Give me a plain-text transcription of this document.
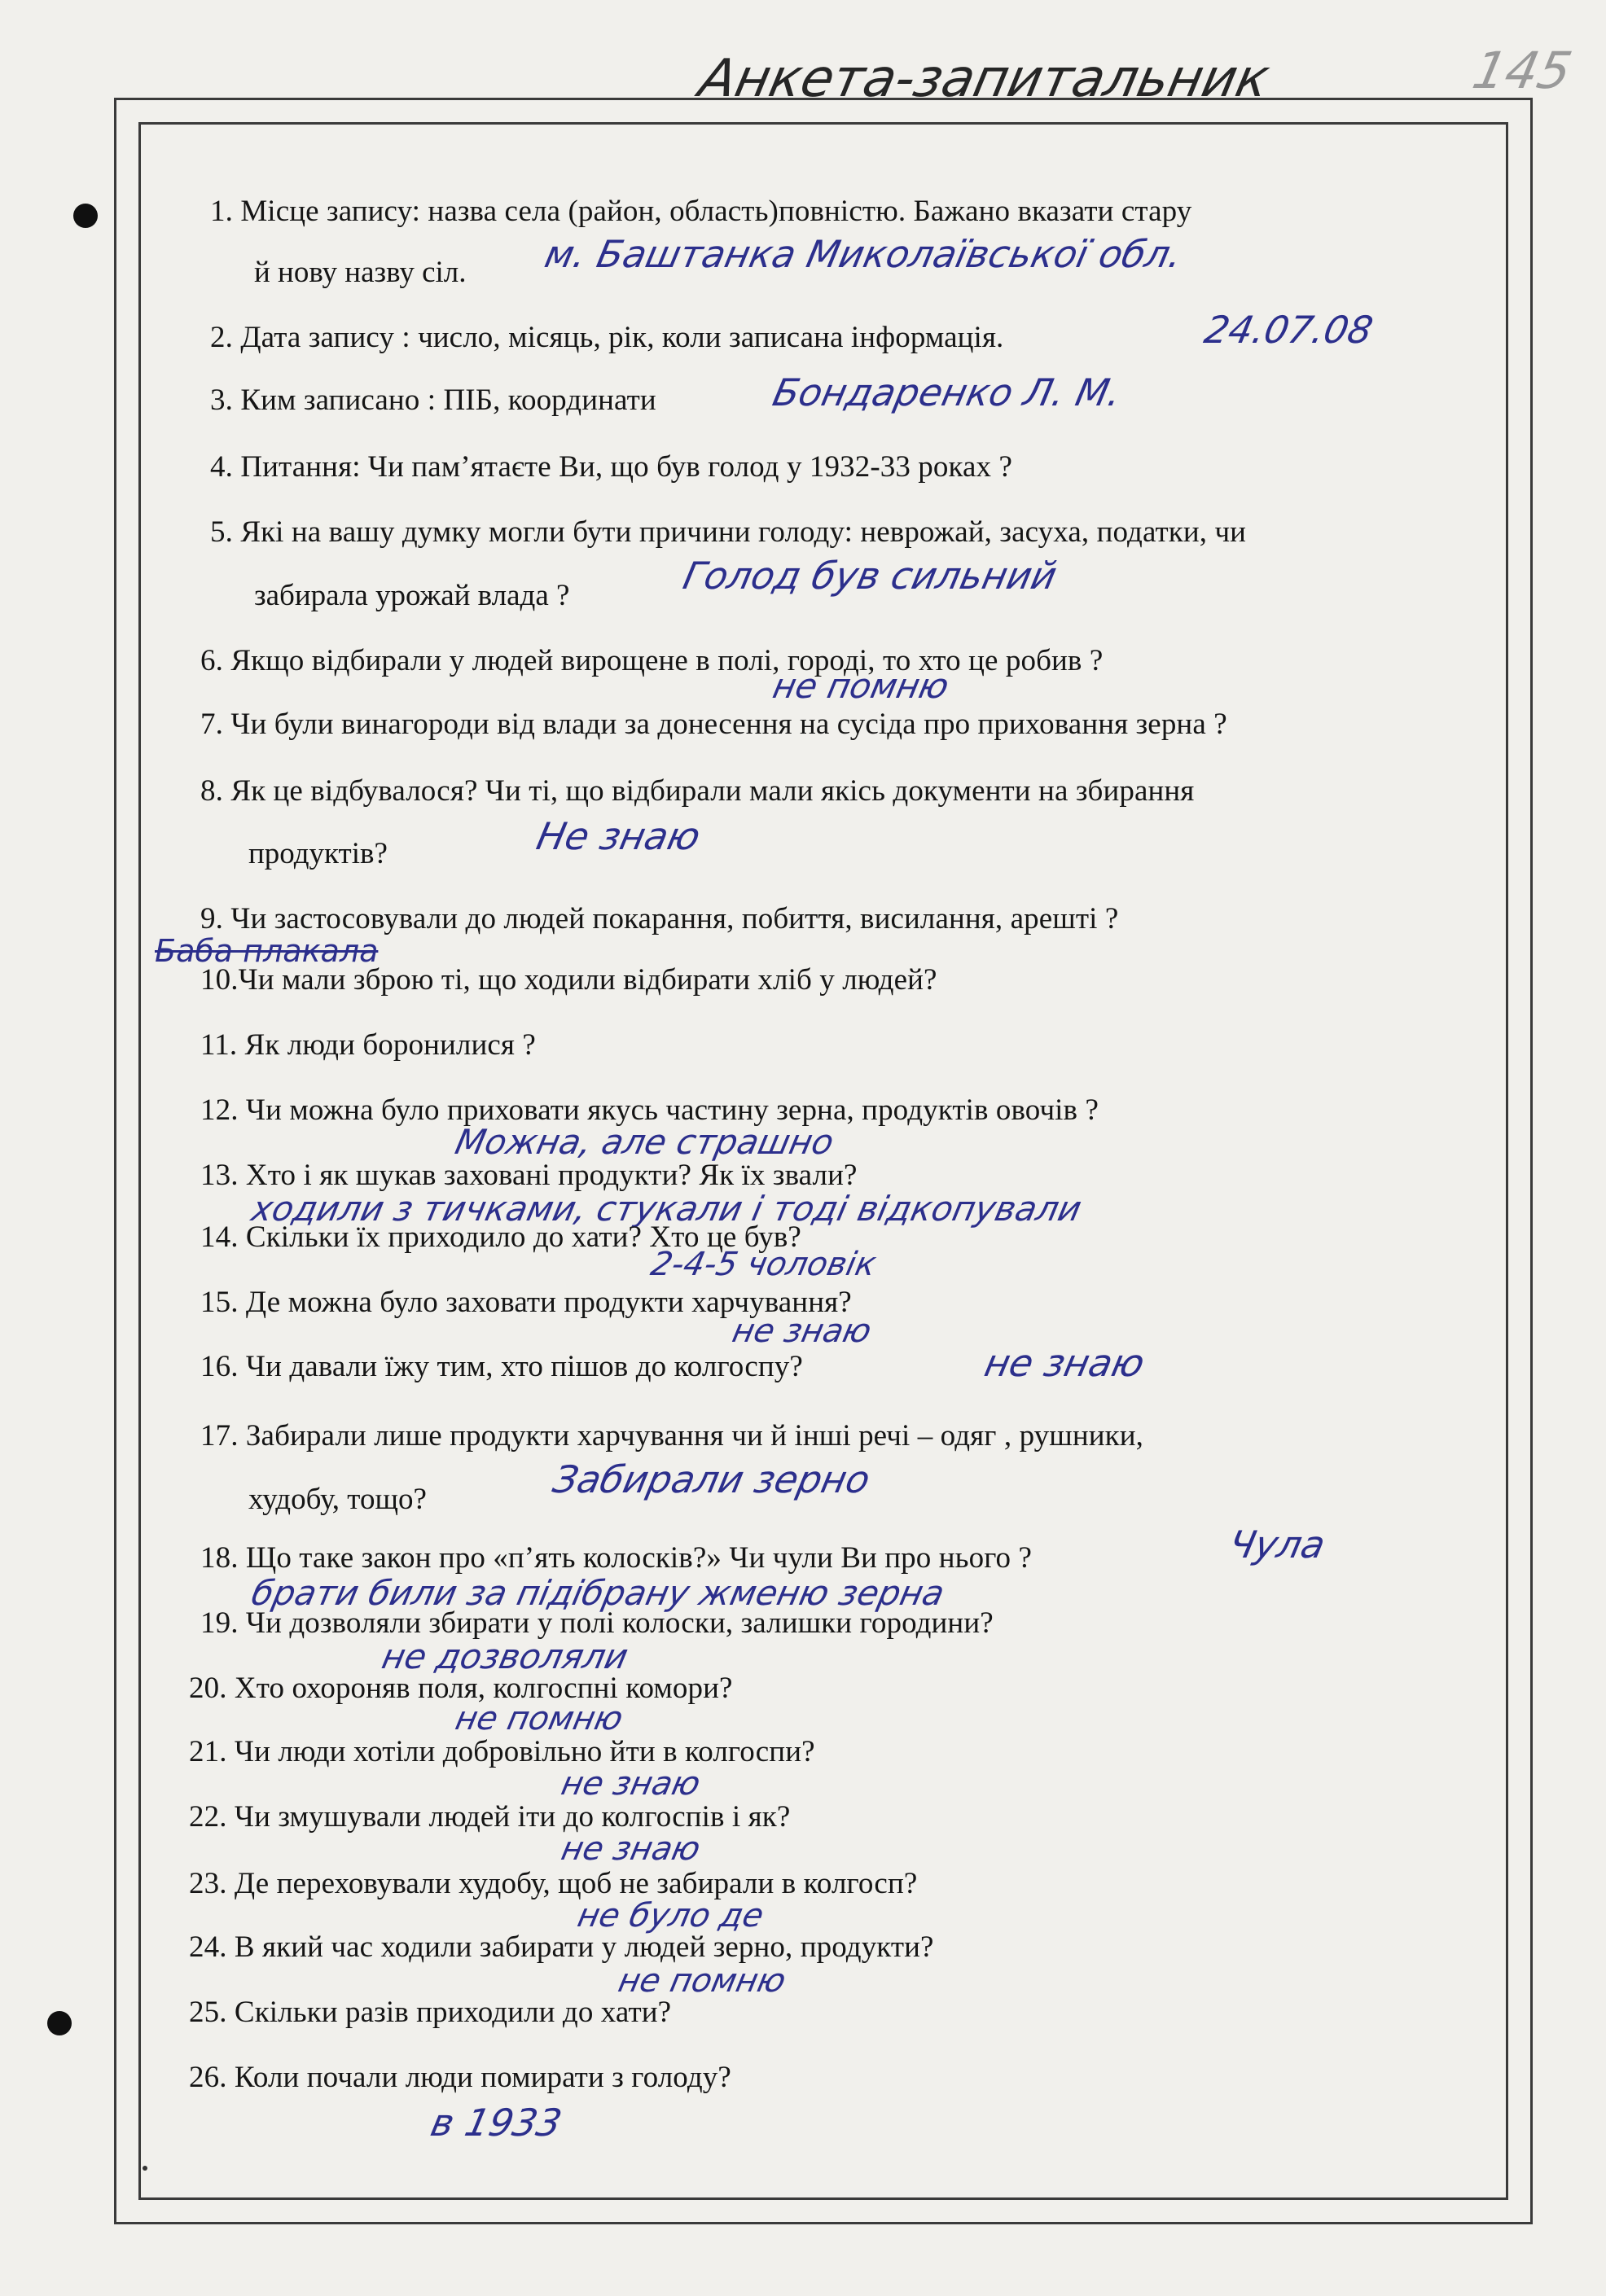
Анкета-запитальник	145
1. Місце запису: назва села (район, область)повністю. Бажано вказати стару
й нову назву сіл. м. Баштанка Миколаївської обл.
2. Дата запису : число, місяць, рік, коли записана інформація.	24.07.08
3. Ким записано : ПІБ, координати	Бондаренко Л. М.
4. Питання: Чи пам’ятаєте Ви, що був голод у 1932-33 роках ?
5. Які на вашу думку могли бути причини голоду: неврожай, засуха, податки, чи
забирала урожай влада ?	Голод був сильний
6. Якщо відбирали у людей вирощене в полі, городі, то хто це робив ?
не помню
7. Чи були винагороди від влади за донесення на сусіда про приховання зерна ?
8. Як це відбувалося? Чи ті, що відбирали мали якісь документи на збирання
продуктів?	Не знаю
9. Чи застосовували до людей покарання, побиття, висилання, арешті ?
Баба плакала
10.Чи мали зброю ті, що ходили відбирати хліб у людей?
11. Як люди боронилися ?
12. Чи можна було приховати якусь частину зерна, продуктів овочів ?
Можна, але страшно
13. Хто і як шукав заховані продукти? Як їх звали?
ходили з тичками, стукали і тоді відкопували
14. Скільки їх приходило до хати? Хто це був?
2-4-5 чоловік
15. Де можна було заховати продукти харчування?
не знаю
16. Чи давали їжу тим, хто пішов до колгоспу?	не знаю
17. Забирали лише продукти харчування чи й інші речі – одяг , рушники,
худобу, тощо?	Забирали зерно
18. Що таке закон про «п’ять колосків?» Чи чули Ви про нього ?	Чула
брати били за підібрану жменю зерна
19. Чи дозволяли збирати у полі колоски, залишки городини?
не дозволяли
20. Хто охороняв поля, колгоспні комори?
не помню
21. Чи люди хотіли добровільно йти в колгоспи?
не знаю
22. Чи змушували людей іти до колгоспів і як?
не знаю
23. Де переховували худобу, щоб не забирали в колгосп?
не було де
24. В який час ходили забирати у людей зерно, продукти?
не помню
25. Скільки разів приходили до хати?
26. Коли почали люди помирати з голоду?
в 1933
